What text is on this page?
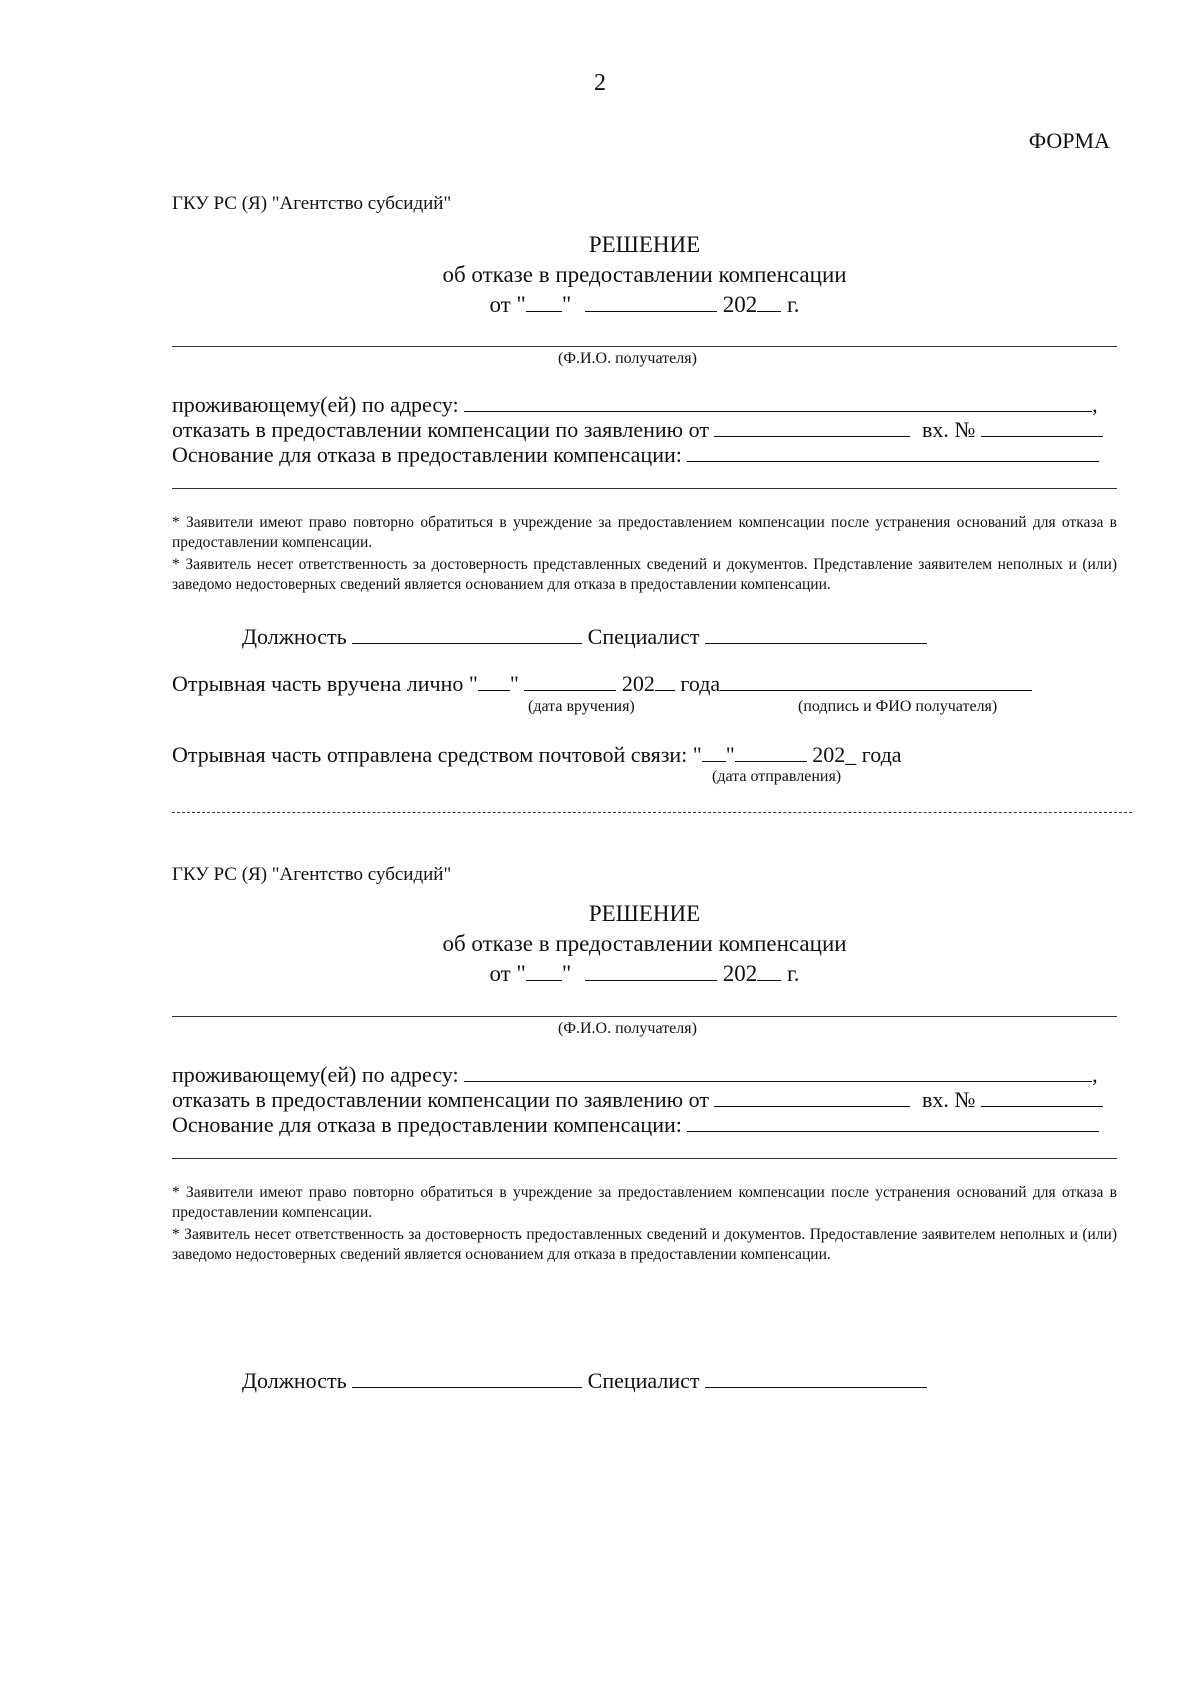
2
ФОРМА
ГКУ РС (Я) "Агентство субсидий"
РЕШЕНИЕ
об отказе в предоставлении компенсации
от " "	202 г.
(Ф.И.О. получателя)
проживающему(ей) по адресу:	,
отказать в предоставлении компенсации по заявлению от	вх. №
Основание для отказа в предоставлении компенсации:
* Заявители имеют право повторно обратиться в учреждение за предоставлением компенсации после устранения оснований для отказа в предоставлении компенсации.
* Заявитель несет ответственность за достоверность представленных сведений и документов. Представление заявителем неполных и (или) заведомо недостоверных сведений является основанием для отказа в предоставлении компенсации.
Должность	Специалист
Отрывная часть вручена лично " "	202 года
(дата вручения)	(подпись и ФИО получателя)
Отрывная часть отправлена средством почтовой связи: " "	202_ года
(дата отправления)
ГКУ РС (Я) "Агентство субсидий"
РЕШЕНИЕ
об отказе в предоставлении компенсации
от " "	202 г.
(Ф.И.О. получателя)
проживающему(ей) по адресу:	,
отказать в предоставлении компенсации по заявлению от	вх. №
Основание для отказа в предоставлении компенсации:
* Заявители имеют право повторно обратиться в учреждение за предоставлением компенсации после устранения оснований для отказа в предоставлении компенсации.
* Заявитель несет ответственность за достоверность предоставленных сведений и документов. Предоставление заявителем неполных и (или) заведомо недостоверных сведений является основанием для отказа в предоставлении компенсации.
Должность	Специалист
